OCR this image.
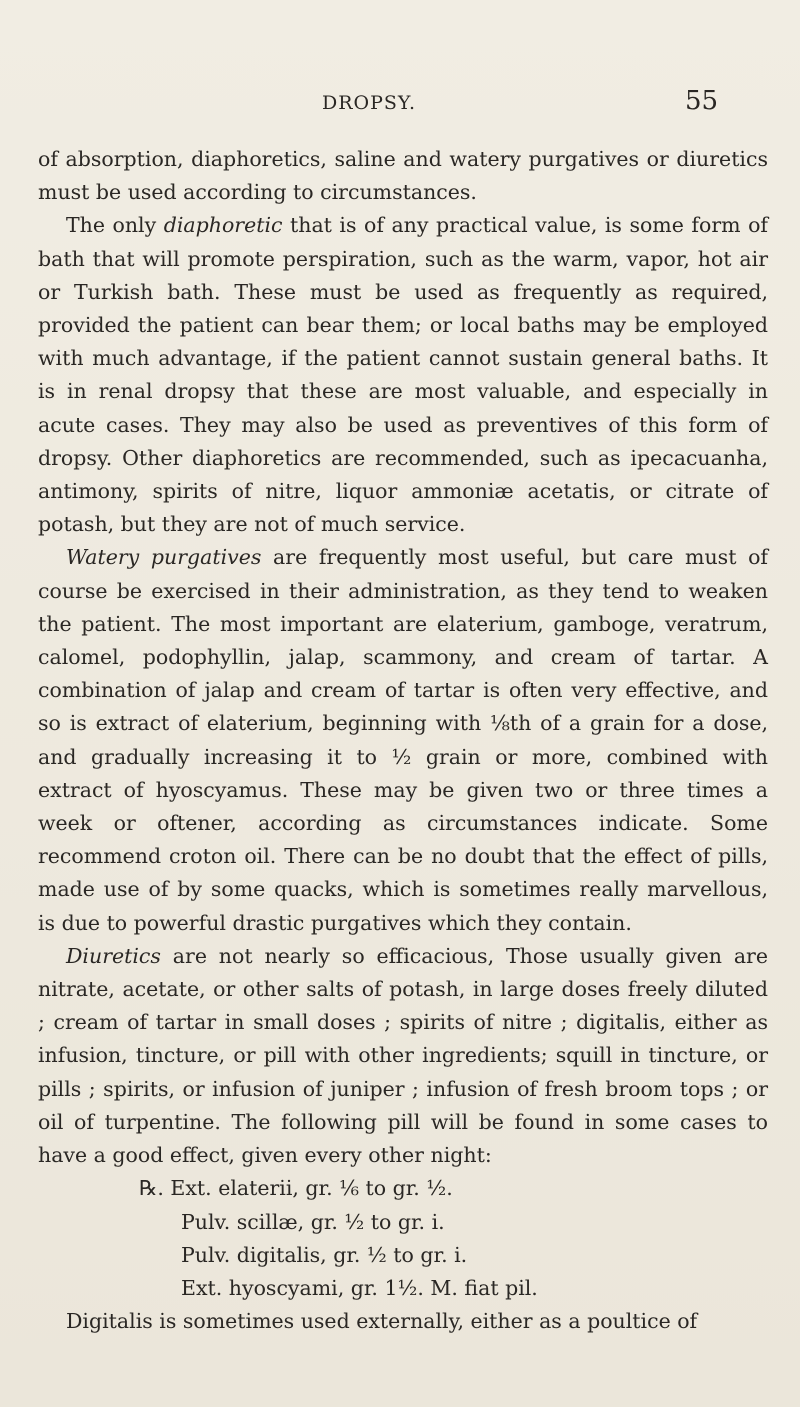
DROPSY.	55

of absorption, diaphoretics, saline and watery purgatives or diuretics must be used according to circumstances.

The only diaphoretic that is of any practical value, is some form of bath that will promote perspiration, such as the warm, vapor, hot air or Turkish bath. These must be used as frequently as required, provided the patient can bear them; or local baths may be employed with much advantage, if the patient cannot sustain general baths. It is in renal dropsy that these are most valuable, and especially in acute cases. They may also be used as preventives of this form of dropsy. Other diaphoretics are recommended, such as ipecacuanha, antimony, spirits of nitre, liquor ammoniæ acetatis, or citrate of potash, but they are not of much service.

Watery purgatives are frequently most useful, but care must of course be exercised in their administration, as they tend to weaken the patient. The most important are elaterium, gamboge, veratrum, calomel, podophyllin, jalap, scammony, and cream of tartar. A combination of jalap and cream of tartar is often very effective, and so is extract of elaterium, beginning with ⅛th of a grain for a dose, and gradually increasing it to ½ grain or more, combined with extract of hyoscyamus. These may be given two or three times a week or oftener, according as circumstances indicate. Some recommend croton oil. There can be no doubt that the effect of pills, made use of by some quacks, which is sometimes really marvellous, is due to powerful drastic purgatives which they contain.

Diuretics are not nearly so efficacious, Those usually given are nitrate, acetate, or other salts of potash, in large doses freely diluted ; cream of tartar in small doses ; spirits of nitre ; digitalis, either as infusion, tincture, or pill with other ingredients; squill in tincture, or pills ; spirits, or infusion of juniper ; infusion of fresh broom tops ; or oil of turpentine. The following pill will be found in some cases to have a good effect, given every other night:

℞. Ext. elaterii, gr. ⅙ to gr. ½.
Pulv. scillæ, gr. ½ to gr. i.
Pulv. digitalis, gr. ½ to gr. i.
Ext. hyoscyami, gr. 1½. M. fiat pil.

Digitalis is sometimes used externally, either as a poultice of
